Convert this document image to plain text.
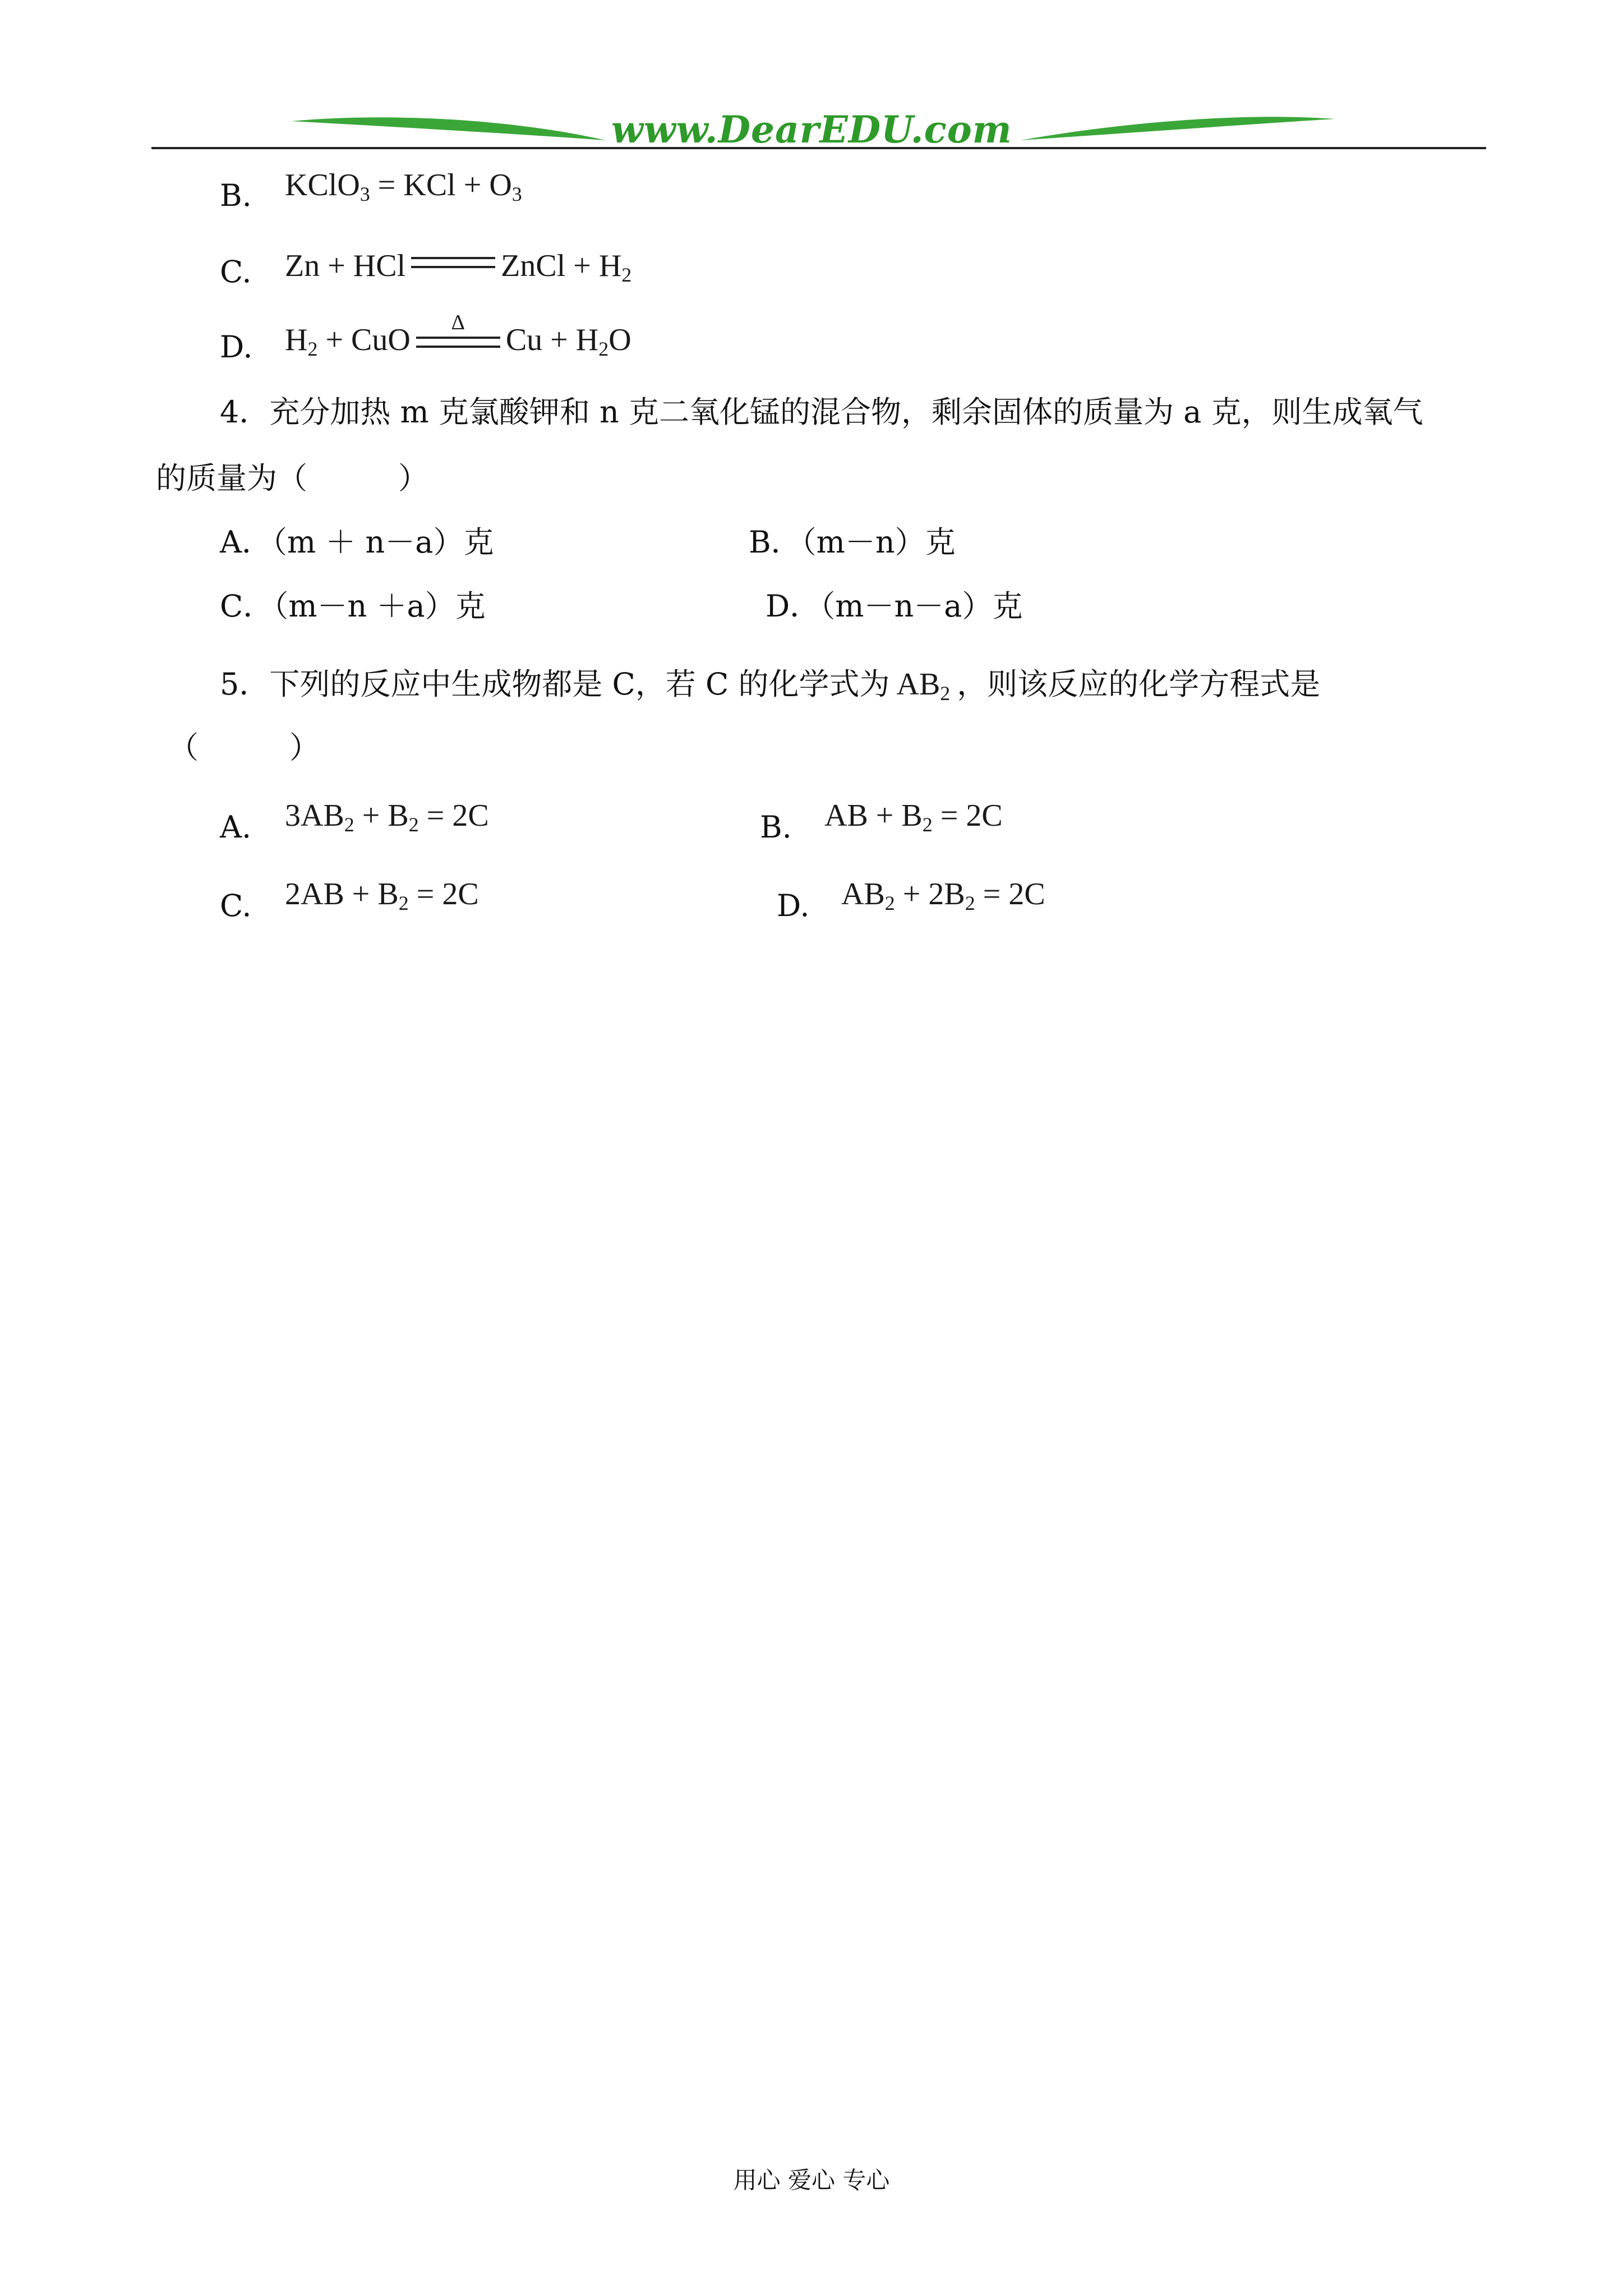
www.DearEDU.com
B. KClO$_3$ = KCl + $O_3$
C. Zn + HCl	ZnCl + $H_2$
D. $H_2$ + CuO	Δ	$Cu + H_2O$
4．充分加热 m 克氯酸钾和 n 克二氧化锰的混合物，剩余固体的质量为 a 克，则生成氧气
的质量为（　　　）
A．（m ＋ n－a）克	B．（m－n）克
C．（m－n ＋a）克	D．（m－n－a）克
5．下列的反应中生成物都是 C，若 C 的化学式为 $AB_2$ ，则该反应的化学方程式是
（　　　）
A. $3AB_2 + B_2 = 2C$	B. AB + $B_2 = 2C$
C. $2AB + B_2 = 2C$	D. $AB_2 + 2B_2 = 2C$
用心 爱心 专心
